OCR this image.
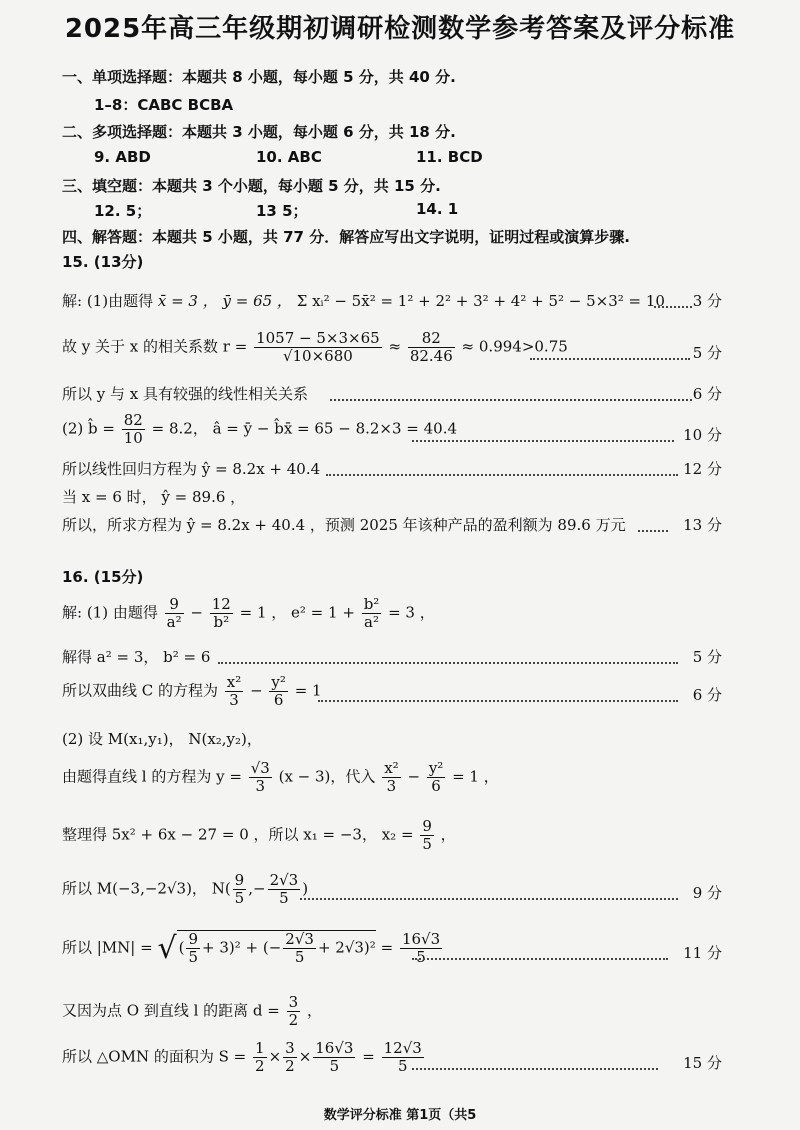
2025年高三年级期初调研检测数学参考答案及评分标准
一、单项选择题：本题共 8 小题，每小题 5 分，共 40 分.
1–8：CABC BCBA
二、多项选择题：本题共 3 小题，每小题 6 分，共 18 分.
9. ABD	10. ABC	11. BCD
三、填空题：本题共 3 个小题，每小题 5 分，共 15 分.
12. 5；	13 5；	14. 1
四、解答题：本题共 5 小题，共 77 分．解答应写出文字说明，证明过程或演算步骤.
15. (13分)
解: (1)由题得 x̄ = 3 ， ȳ = 65 ， Σ xᵢ² − 5x̄² = 1² + 2² + 3² + 4² + 5² − 5×3² = 10 3 分
故 y 关于 x 的相关系数 $r = \frac{1057 - 5\times 3\times 65}{√10\times 680} \approx \frac{82}{82.46} \approx 0.994>0.75$	5 分
所以 y 与 x 具有较强的线性相关关系	6 分
(2) b̂ = $\frac{82}{10} = 8.2$， â = ȳ − b̂x̄ = 65 − 8.2×3 = 40.4	10 分
所以线性回归方程为 ŷ = 8.2x + 40.4	12 分
当 x = 6 时， ŷ = 89.6 ，
所以，所求方程为 ŷ = 8.2x + 40.4 ，预测 2025 年该种产品的盈利额为 89.6 万元	13 分
16. (15分)
解: (1) 由题得 $\frac{9}{\text{a²}} - \frac{12}{\text{b²}} = 1$ ， $e^2 = 1 + \frac{\text{b²}}{\text{a²}} = 3$ ，
解得 a² = 3， b² = 6	5 分
所以双曲线 C 的方程为 $\frac{\text{x²}}{3} - \frac{\text{y²}}{6} = 1$	6 分
(2) 设 M(x₁,y₁)， N(x₂,y₂)，
由题得直线 l 的方程为 $y = \frac{√3}{3} (x - 3)$，代入 $\frac{\text{x²}}{3} - \frac{\text{y²}}{6} = 1$ ，
整理得 5x² + 6x − 27 = 0 ，所以 x₁ = −3， $x_2 = \frac{9}{5}$ ，
所以 M(−3,−2√3)， $N( \frac{9}{5}$ ,− $\frac{2√3}{5}$ )	9 分
所以 |MN| = √ ( $\frac{9}{5} + 3)^2$ + (− $\frac{2√3}{5} + 2√3)^2 = \frac{16√3}{5}$	11 分
又因为点 O 到直线 l 的距离 $d = \frac{3}{2}$ ，
所以 △OMN 的面积为 $S = \frac{1}{2} \times \frac{3}{2} \times \frac{16√3}{5} = \frac{12√3}{5}$	15 分
数学评分标准 第1页（共5
